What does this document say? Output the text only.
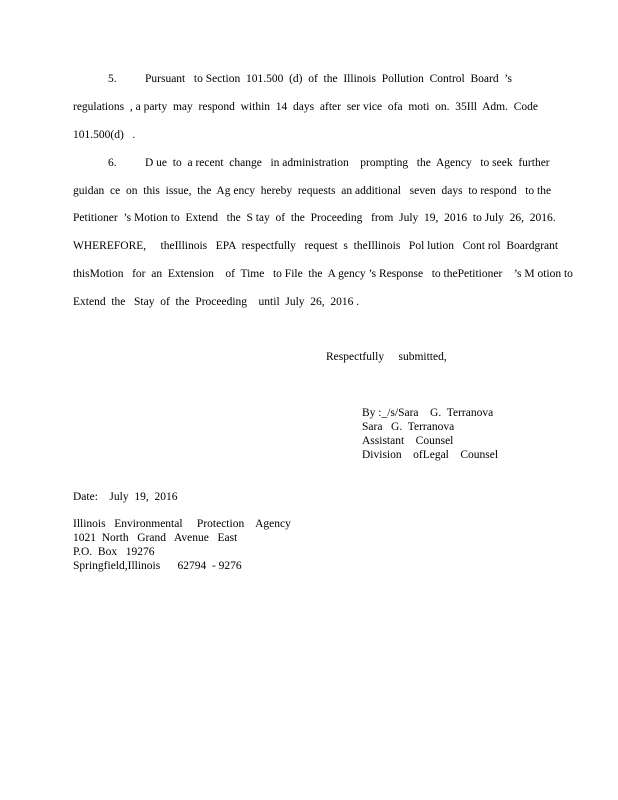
5. Pursuant   to Section  101.500  (d)  of  the  Illinois  Pollution  Control  Board  ’s
regulations  , a party  may  respond  within  14  days  after  ser vice  ofa  moti  on.  35Ill  Adm.  Code
101.500(d)   .
6. D ue  to  a recent  change   in administration    prompting   the  Agency   to seek  further
guidan  ce  on  this  issue,  the  Ag ency  hereby  requests  an additional   seven  days  to respond   to the
Petitioner  ’s Motion to  Extend   the  S tay  of  the  Proceeding   from  July  19,  2016  to July  26,  2016.
WHEREFORE,     theIllinois   EPA  respectfully   request  s  theIllinois   Pol lution   Cont rol  Boardgrant
thisMotion   for  an  Extension    of  Time   to File  the  A gency ’s Response   to thePetitioner    ’s M otion to
Extend  the   Stay  of  the  Proceeding    until  July  26,  2016 .
Respectfully     submitted,
By :_/s/Sara    G.  Terranova
Sara   G.  Terranova
Assistant    Counsel
Division    ofLegal    Counsel
Date:    July  19,  2016
Illinois   Environmental     Protection    Agency
1021  North   Grand   Avenue   East
P.O.  Box   19276
Springfield,Illinois      62794  - 9276
